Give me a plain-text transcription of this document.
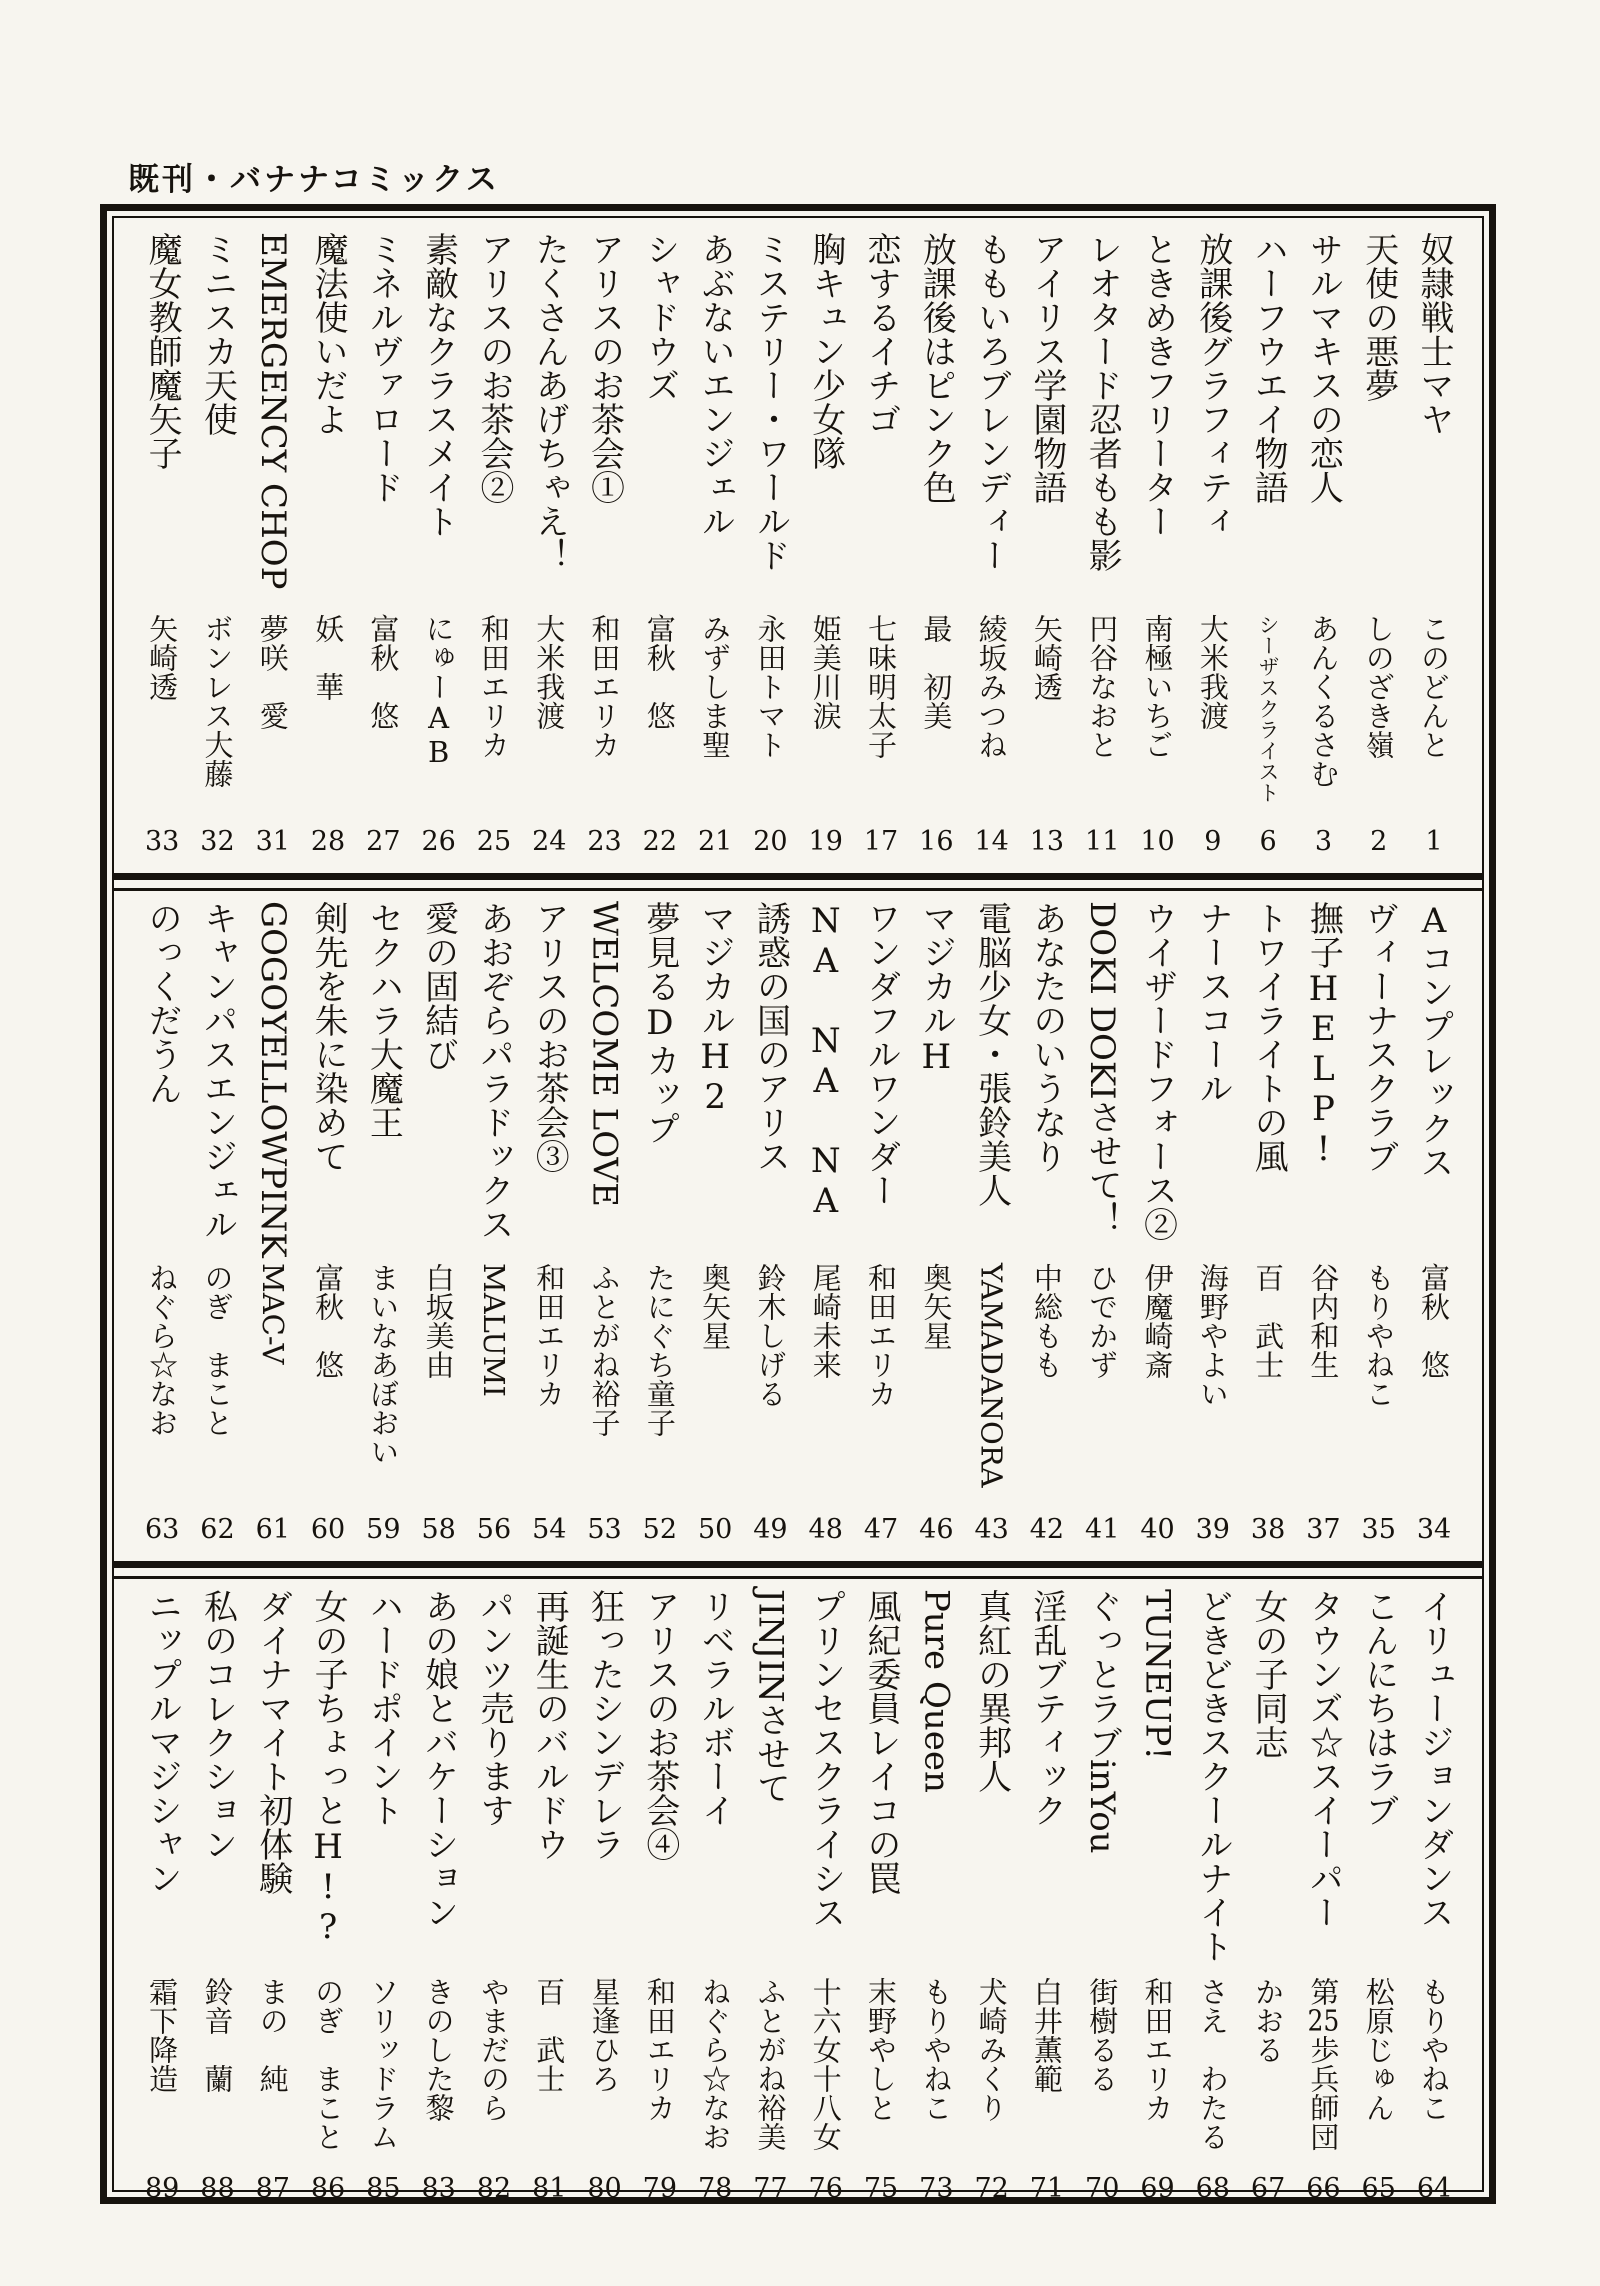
既刊・バナナコミックス
奴隷戦士マヤ
このどんと
1
天使の悪夢
しのざき嶺
2
サルマキスの恋人
あんくるさむ
3
ハーフウエイ物語
シーザスクライスト
6
放課後グラフィティ
大米我渡
9
ときめきフリーター
南極いちご
10
レオタード忍者もも影
円谷なおと
11
アイリス学園物語
矢崎透
13
ももいろブレンディー
綾坂みつね
14
放課後はピンク色
最　初美
16
恋するイチゴ
七味明太子
17
胸キュン少女隊
姫美川涙
19
ミステリー・ワールド
永田トマト
20
あぶないエンジェル
みずしま聖
21
シャドウズ
富秋　悠
22
アリスのお茶会①
和田エリカ
23
たくさんあげちゃえ！
大米我渡
24
アリスのお茶会②
和田エリカ
25
素敵なクラスメイト
にゅーAB
26
ミネルヴァロード
富秋　悠
27
魔法使いだよ
妖　華
28
EMERGENCY CHOP
夢咲　愛
31
ミニスカ天使
ボンレス大藤
32
魔女教師魔矢子
矢崎透
33
Aコンプレックス
富秋　悠
34
ヴィーナスクラブ
もりやねこ
35
撫子HELP!
谷内和生
37
トワイライトの風
百　武士
38
ナースコール
海野やよい
39
ウイザードフォース②
伊魔崎斎
40
DOKI DOKIさせて！
ひでかず
41
あなたのいうなり
中総もも
42
電脳少女・張鈴美人
YAMADANORA
43
マジカルH
奥矢星
46
ワンダフルワンダー
和田エリカ
47
NA NA NA
尾崎未来
48
誘惑の国のアリス
鈴木しげる
49
マジカルH2
奥矢星
50
夢見るDカップ
たにぐち童子
52
WELCOME LOVE
ふとがね裕子
53
アリスのお茶会③
和田エリカ
54
あおぞらパラドックス
MALUMI
56
愛の固結び
白坂美由
58
セクハラ大魔王
まいなあぼおい
59
剣先を朱に染めて
富秋　悠
60
GOGOYELLOWPINK
MAC-V
61
キャンパスエンジェル
のぎ　まこと
62
のっくだうん
ねぐら☆なお
63
イリュージョンダンス
もりやねこ
64
こんにちはラブ
松原じゅん
65
タウンズ☆スイーパー
第25歩兵師団
66
女の子同志
かおる
67
どきどきスクールナイト
さえ　わたる
68
TUNEUP!
和田エリカ
69
ぐっとラブinYou
街樹るる
70
淫乱ブティック
白井薫範
71
真紅の異邦人
犬崎みくり
72
Pure Queen
もりやねこ
73
風紀委員レイコの罠
末野やしと
75
プリンセスクライシス
十六女十八女
76
JINJINさせて
ふとがね裕美
77
リベラルボーイ
ねぐら☆なお
78
アリスのお茶会④
和田エリカ
79
狂ったシンデレラ
星逢ひろ
80
再誕生のバルドウ
百　武士
81
パンツ売ります
やまだのら
82
あの娘とバケーション
きのした黎
83
ハードポイント
ソリッドラム
85
女の子ちょっとH!?
のぎ　まこと
86
ダイナマイト初体験
まの　純
87
私のコレクション
鈴音　蘭
88
ニップルマジシャン
霜下降造
89
